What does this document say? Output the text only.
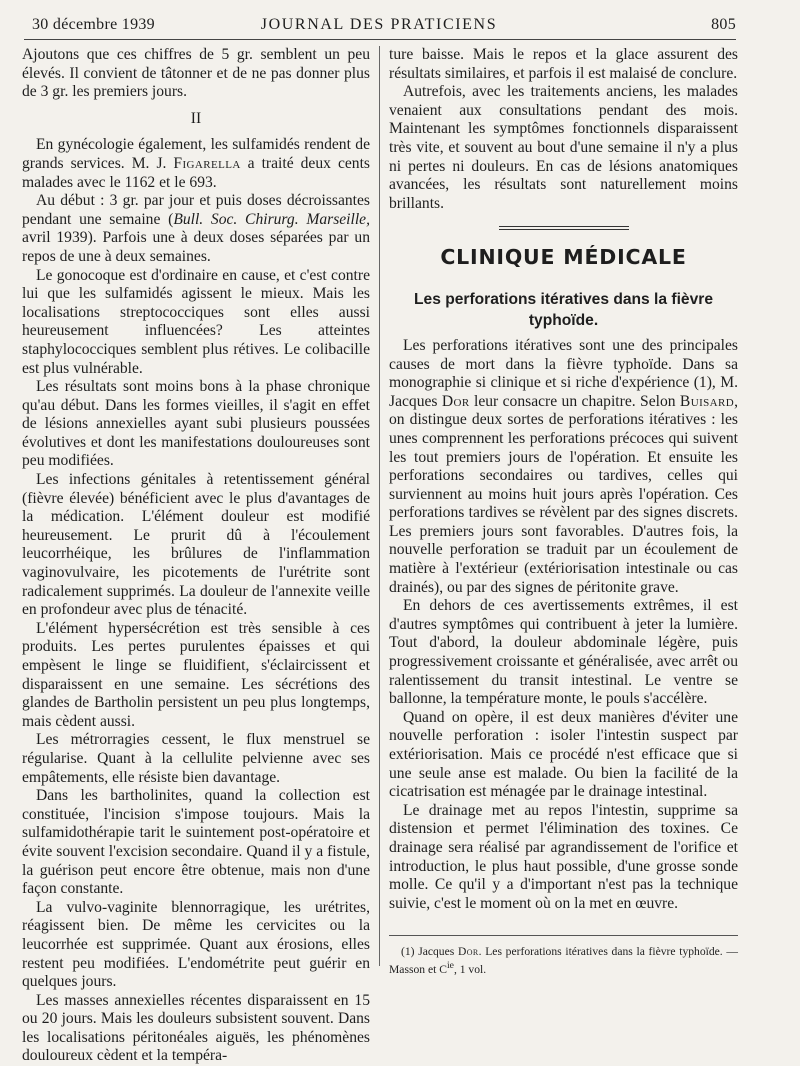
30 décembre 1939	JOURNAL DES PRATICIENS	805

Ajoutons que ces chiffres de 5 gr. semblent un peu élevés. Il convient de tâtonner et de ne pas donner plus de 3 gr. les premiers jours.

II

En gynécologie également, les sulfamidés rendent de grands services. M. J. Figarella a traité deux cents malades avec le 1162 et le 693.

Au début : 3 gr. par jour et puis doses décroissantes pendant une semaine (Bull. Soc. Chirurg. Marseille, avril 1939). Parfois une à deux doses séparées par un repos de une à deux semaines.

Le gonocoque est d'ordinaire en cause, et c'est contre lui que les sulfamidés agissent le mieux. Mais les localisations streptococciques sont elles aussi heureusement influencées? Les atteintes staphylococciques semblent plus rétives. Le colibacille est plus vulnérable.

Les résultats sont moins bons à la phase chronique qu'au début. Dans les formes vieilles, il s'agit en effet de lésions annexielles ayant subi plusieurs poussées évolutives et dont les manifestations douloureuses sont peu modifiées.

Les infections génitales à retentissement général (fièvre élevée) bénéficient avec le plus d'avantages de la médication. L'élément douleur est modifié heureusement. Le prurit dû à l'écoulement leucorrhéique, les brûlures de l'inflammation vaginovulvaire, les picotements de l'urétrite sont radicalement supprimés. La douleur de l'annexite veille en profondeur avec plus de ténacité.

L'élément hypersécrétion est très sensible à ces produits. Les pertes purulentes épaisses et qui empèsent le linge se fluidifient, s'éclaircissent et disparaissent en une semaine. Les sécrétions des glandes de Bartholin persistent un peu plus longtemps, mais cèdent aussi.

Les métrorragies cessent, le flux menstruel se régularise. Quant à la cellulite pelvienne avec ses empâtements, elle résiste bien davantage.

Dans les bartholinites, quand la collection est constituée, l'incision s'impose toujours. Mais la sulfamidothérapie tarit le suintement post-opératoire et évite souvent l'excision secondaire. Quand il y a fistule, la guérison peut encore être obtenue, mais non d'une façon constante.

La vulvo-vaginite blennorragique, les urétrites, réagissent bien. De même les cervicites ou la leucorrhée est supprimée. Quant aux érosions, elles restent peu modifiées. L'endométrite peut guérir en quelques jours.

Les masses annexielles récentes disparaissent en 15 ou 20 jours. Mais les douleurs subsistent souvent. Dans les localisations péritonéales aiguës, les phénomènes douloureux cèdent et la tempéra-

ture baisse. Mais le repos et la glace assurent des résultats similaires, et parfois il est malaisé de conclure.

Autrefois, avec les traitements anciens, les malades venaient aux consultations pendant des mois. Maintenant les symptômes fonctionnels disparaissent très vite, et souvent au bout d'une semaine il n'y a plus ni pertes ni douleurs. En cas de lésions anatomiques avancées, les résultats sont naturellement moins brillants.

CLINIQUE MÉDICALE
Les perforations itératives dans la fièvre typhoïde.

Les perforations itératives sont une des principales causes de mort dans la fièvre typhoïde. Dans sa monographie si clinique et si riche d'expérience (1), M. Jacques Dor leur consacre un chapitre. Selon Buisard, on distingue deux sortes de perforations itératives : les unes comprennent les perforations précoces qui suivent les tout premiers jours de l'opération. Et ensuite les perforations secondaires ou tardives, celles qui surviennent au moins huit jours après l'opération. Ces perforations tardives se révèlent par des signes discrets. Les premiers jours sont favorables. D'autres fois, la nouvelle perforation se traduit par un écoulement de matière à l'extérieur (extériorisation intestinale ou cas drainés), ou par des signes de péritonite grave.

En dehors de ces avertissements extrêmes, il est d'autres symptômes qui contribuent à jeter la lumière. Tout d'abord, la douleur abdominale légère, puis progressivement croissante et généralisée, avec arrêt ou ralentissement du transit intestinal. Le ventre se ballonne, la température monte, le pouls s'accélère.

Quand on opère, il est deux manières d'éviter une nouvelle perforation : isoler l'intestin suspect par extériorisation. Mais ce procédé n'est efficace que si une seule anse est malade. Ou bien la facilité de la cicatrisation est ménagée par le drainage intestinal.

Le drainage met au repos l'intestin, supprime sa distension et permet l'élimination des toxines. Ce drainage sera réalisé par agrandissement de l'orifice et introduction, le plus haut possible, d'une grosse sonde molle. Ce qu'il y a d'important n'est pas la technique suivie, c'est le moment où on la met en œuvre.

(1) Jacques Dor. Les perforations itératives dans la fièvre typhoïde. — Masson et $C^{ie}$, 1 vol.
